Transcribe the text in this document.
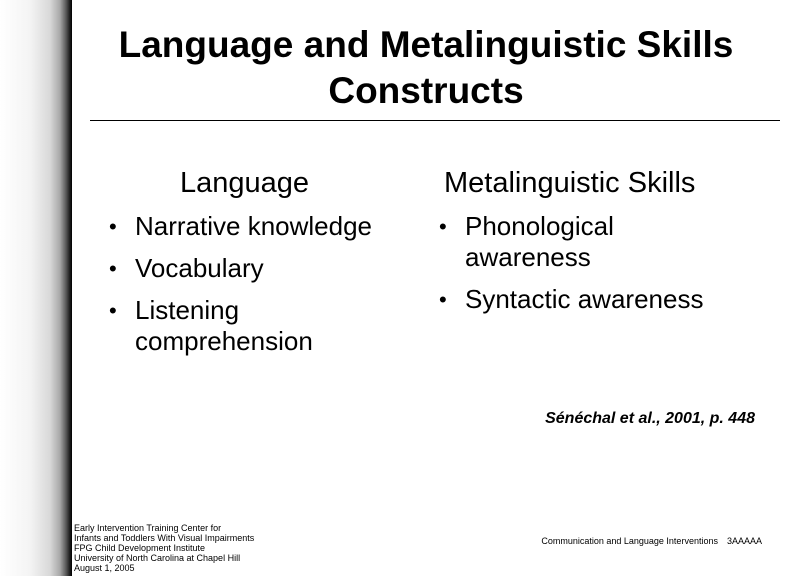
Language and Metalinguistic Skills
Constructs
Language
• Narrative knowledge
• Vocabulary
• Listening comprehension
Metalinguistic Skills
• Phonological awareness
• Syntactic awareness
Sénéchal et al., 2001, p. 448
Early Intervention Training Center for
Infants and Toddlers With Visual Impairments
FPG Child Development Institute
University of North Carolina at Chapel Hill
August 1, 2005
Communication and Language Interventions 3AAAAA
